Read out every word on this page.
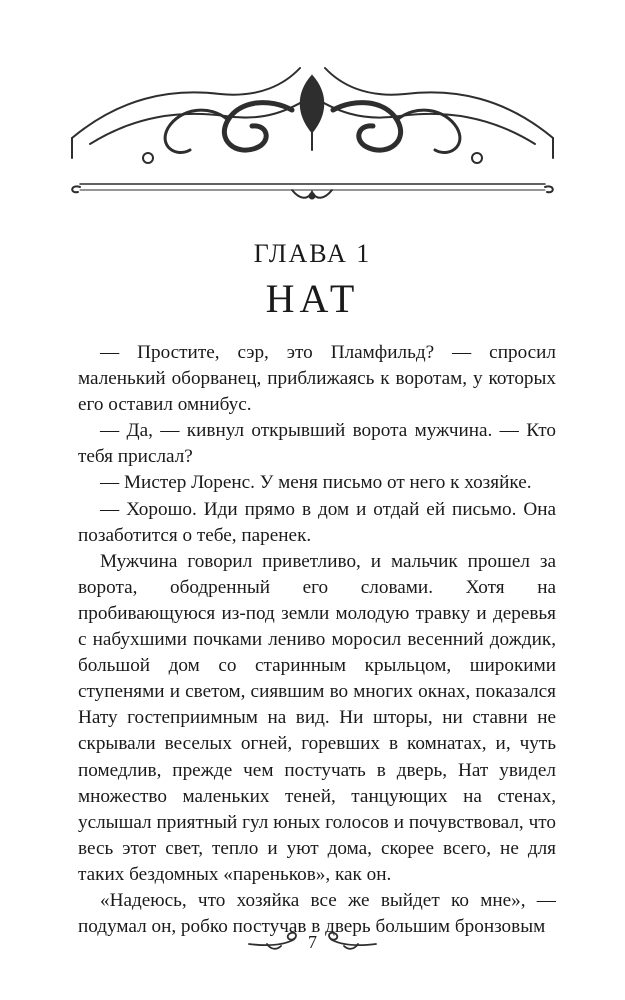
ГЛАВА 1
НАТ

— Простите, сэр, это Пламфильд? — спросил маленький оборванец, приближаясь к воротам, у которых его оставил омнибус.

— Да, — кивнул открывший ворота мужчина. — Кто тебя прислал?

— Мистер Лоренс. У меня письмо от него к хозяйке.

— Хорошо. Иди прямо в дом и отдай ей письмо. Она позаботится о тебе, паренек.

Мужчина говорил приветливо, и мальчик прошел за ворота, ободренный его словами. Хотя на пробивающуюся из-под земли молодую травку и деревья с набухшими почками лениво моросил весенний дождик, большой дом со старинным крыльцом, широкими ступенями и светом, сиявшим во многих окнах, показался Нату гостеприимным на вид. Ни шторы, ни ставни не скрывали веселых огней, горевших в комнатах, и, чуть помедлив, прежде чем постучать в дверь, Нат увидел множество маленьких теней, танцующих на стенах, услышал приятный гул юных голосов и почувствовал, что весь этот свет, тепло и уют дома, скорее всего, не для таких бездомных «пареньков», как он.

«Надеюсь, что хозяйка все же выйдет ко мне», — подумал он, робко постучав в дверь большим бронзовым

7
